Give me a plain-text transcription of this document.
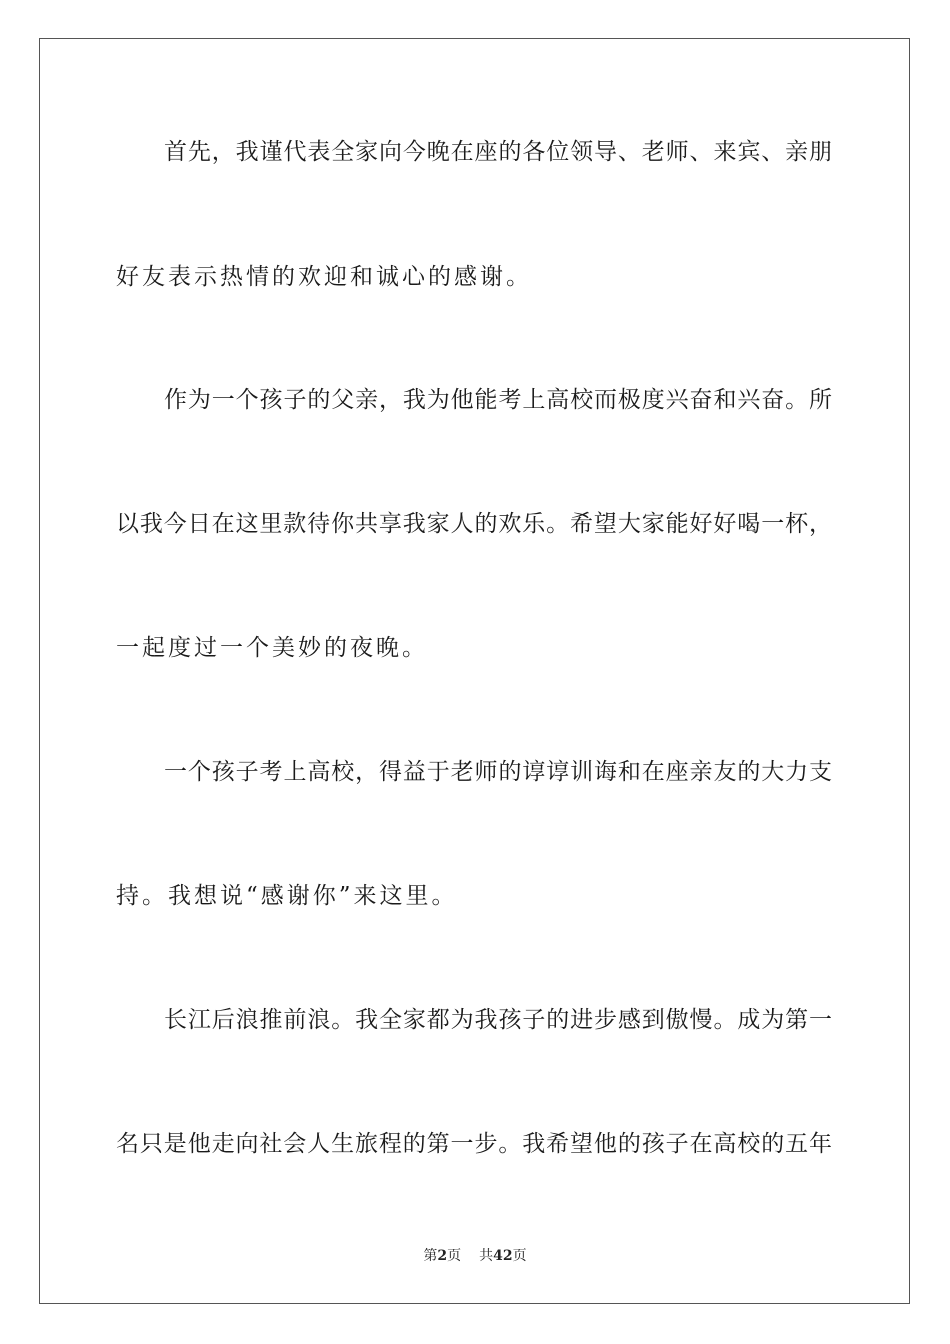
首先，我谨代表全家向今晚在座的各位领导、老师、来宾、亲朋
好友表示热情的欢迎和诚心的感谢。
作为一个孩子的父亲，我为他能考上高校而极度兴奋和兴奋。所
以我今日在这里款待你共享我家人的欢乐。希望大家能好好喝一杯，
一起度过一个美妙的夜晚。
一个孩子考上高校，得益于老师的谆谆训诲和在座亲友的大力支
持。我想说“感谢你”来这里。
长江后浪推前浪。我全家都为我孩子的进步感到傲慢。成为第一
名只是他走向社会人生旅程的第一步。我希望他的孩子在高校的五年
第2页 共42页
